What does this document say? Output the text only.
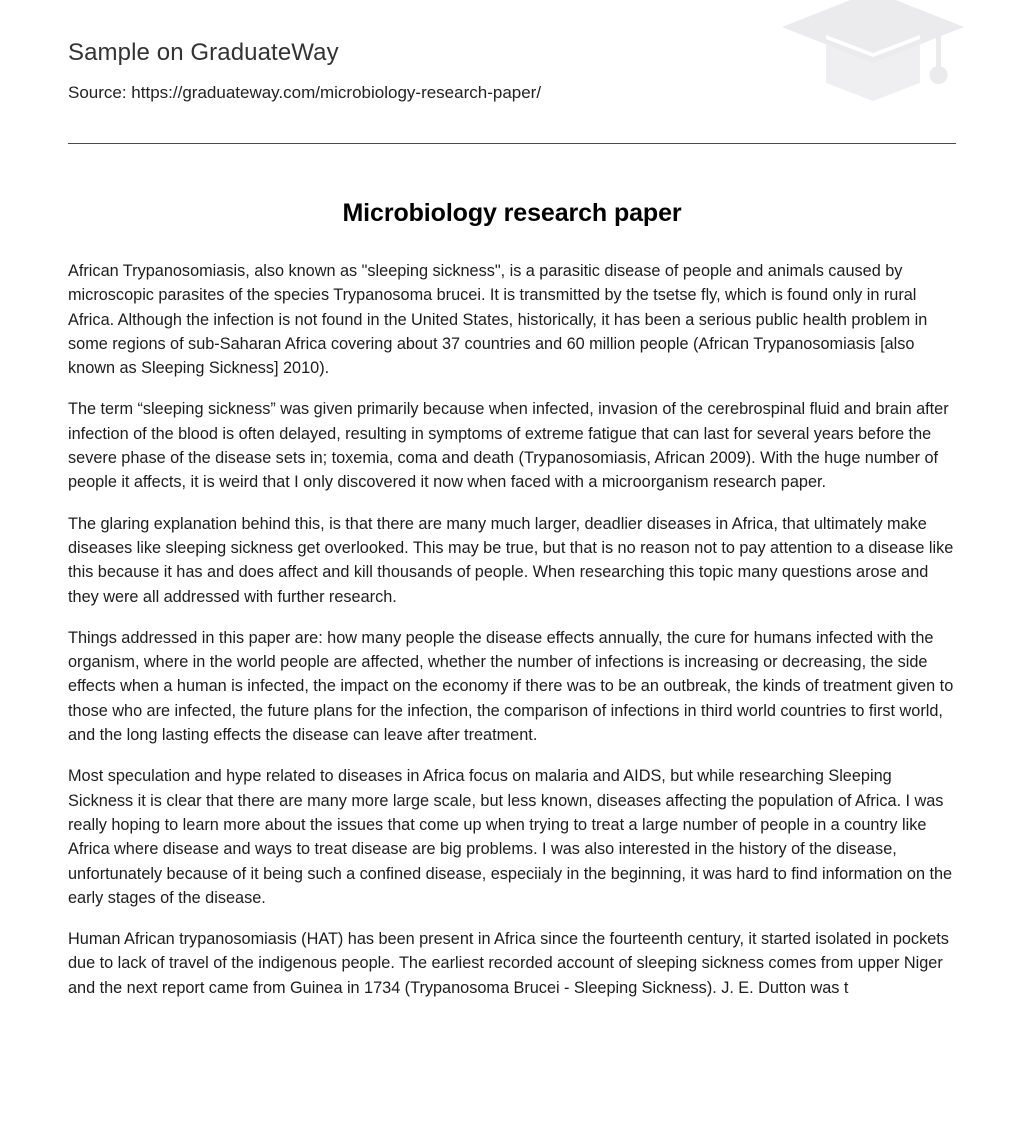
Sample on GraduateWay
Source: https://graduateway.com/microbiology-research-paper/
Microbiology research paper

African Trypanosomiasis, also known as "sleeping sickness", is a parasitic disease of people and animals caused by microscopic parasites of the species Trypanosoma brucei. It is transmitted by the tsetse fly, which is found only in rural Africa. Although the infection is not found in the United States, historically, it has been a serious public health problem in some regions of sub-Saharan Africa covering about 37 countries and 60 million people (African Trypanosomiasis [also known as Sleeping Sickness] 2010).

The term “sleeping sickness” was given primarily because when infected, invasion of the cerebrospinal fluid and brain after infection of the blood is often delayed, resulting in symptoms of extreme fatigue that can last for several years before the severe phase of the disease sets in; toxemia, coma and death (Trypanosomiasis, African 2009). With the huge number of people it affects, it is weird that I only discovered it now when faced with a microorganism research paper.

The glaring explanation behind this, is that there are many much larger, deadlier diseases in Africa, that ultimately make diseases like sleeping sickness get overlooked. This may be true, but that is no reason not to pay attention to a disease like this because it has and does affect and kill thousands of people. When researching this topic many questions arose and they were all addressed with further research.

Things addressed in this paper are: how many people the disease effects annually, the cure for humans infected with the organism, where in the world people are affected, whether the number of infections is increasing or decreasing, the side effects when a human is infected, the impact on the economy if there was to be an outbreak, the kinds of treatment given to those who are infected, the future plans for the infection, the comparison of infections in third world countries to first world, and the long lasting effects the disease can leave after treatment.

Most speculation and hype related to diseases in Africa focus on malaria and AIDS, but while researching Sleeping Sickness it is clear that there are many more large scale, but less known, diseases affecting the population of Africa. I was really hoping to learn more about the issues that come up when trying to treat a large number of people in a country like Africa where disease and ways to treat disease are big problems. I was also interested in the history of the disease, unfortunately because of it being such a confined disease, especiialy in the beginning, it was hard to find information on the early stages of the disease.

Human African trypanosomiasis (HAT) has been present in Africa since the fourteenth century, it started isolated in pockets due to lack of travel of the indigenous people. The earliest recorded account of sleeping sickness comes from upper Niger and the next report came from Guinea in 1734 (Trypanosoma Brucei - Sleeping Sickness). J. E. Dutton was t
